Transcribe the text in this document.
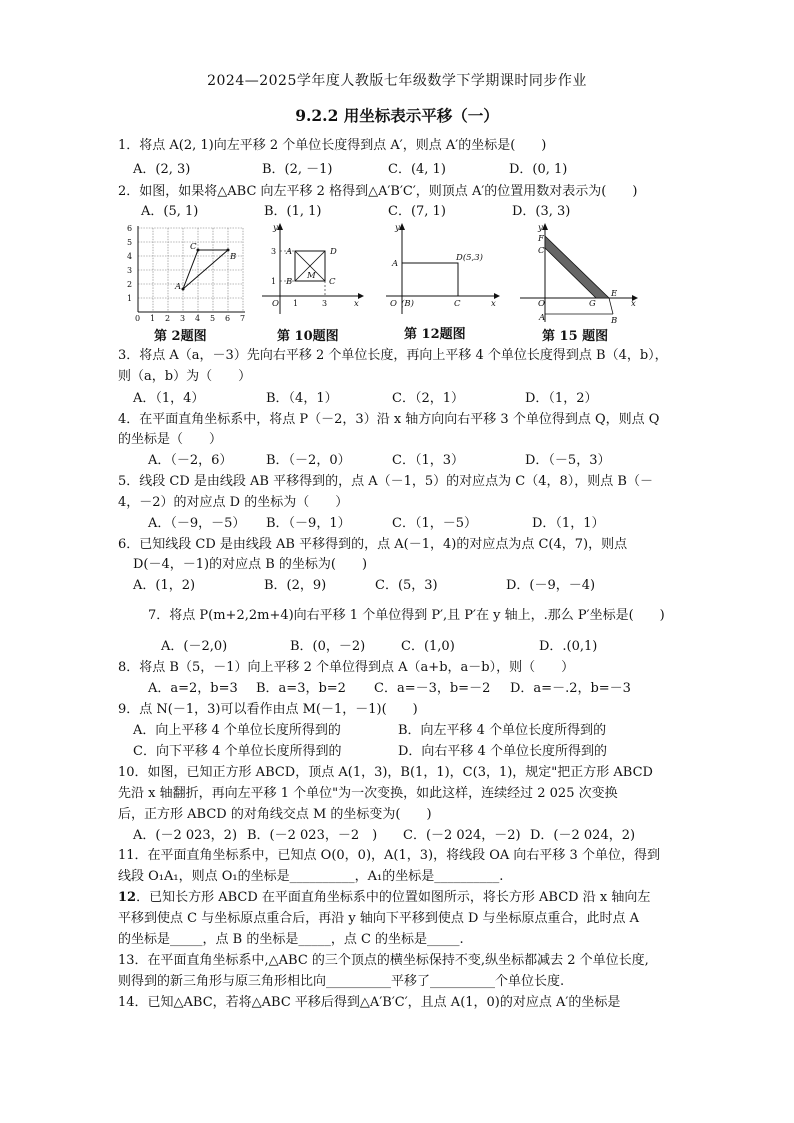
2024—2025学年度人教版七年级数学下学期课时同步作业
9.2.2 用坐标表示平移（一）
1．将点 A(2, 1)向左平移 2 个单位长度得到点 A′，则点 A′的坐标是(　　)
A．(2, 3)	B．(2, －1)	C．(4, 1)	D．(0, 1)
2．如图，如果将△ABC 向左平移 2 格得到△A′B′C′，则顶点 A′的位置用数对表示为(　　)
A．(5, 1)	B．(1, 1)	C．(7, 1)	D．(3, 3)
6
5
4
3
2
1
0 1 2 3 4 5 6 7
A
C
B
y
x
A
B	C
D
M
O 1	3
1
3
y
x
A
C
D(5,3)
O (B)
y
x
O
F
C
G
E
A	B
第 2题图	第 10题图	第 12题图	第 15 题图
3．将点 A（a，－3）先向右平移 2 个单位长度，再向上平移 4 个单位长度得到点 B（4，b），
则（a，b）为（　　）
A．（1，4）	B．（4，1）	C．（2，1）	D．（1，2）
4．在平面直角坐标系中，将点 P（－2，3）沿 x 轴方向向右平移 3 个单位得到点 Q，则点 Q
的坐标是（　　）
A．（－2，6）	B．（－2，0）	C．（1，3）	D．（－5，3）
5．线段 CD 是由线段 AB 平移得到的，点 A（－1，5）的对应点为 C（4，8），则点 B（－
4，－2）的对应点 D 的坐标为（　　）
A．（－9，－5） B．（－9，1）	C．（1，－5）	D．（1，1）
6．已知线段 CD 是由线段 AB 平移得到的，点 A(－1，4)的对应点为点 C(4，7)，则点
D(－4，－1)的对应点 B 的坐标为(　　)
A．(1，2)	B．(2，9)	C．(5，3)	D．(－9，－4)
7．将点 P(m+2,2m+4)向右平移 1 个单位得到 P′,且 P′在 y 轴上，.那么 P′坐标是(　　)
A．(－2,0)	B．(0，－2)	C．(1,0)	D．.(0,1)
8．将点 B（5，－1）向上平移 2 个单位得到点 A（a+b，a－b），则（　　）
A．a=2，b=3 B．a=3，b=2 C．a=－3，b=－2 D．a=－.2，b=－3
9．点 N(－1，3)可以看作由点 M(－1，－1)(　　)
A．向上平移 4 个单位长度所得到的	B．向左平移 4 个单位长度所得到的
C．向下平移 4 个单位长度所得到的	D．向右平移 4 个单位长度所得到的
10．如图，已知正方形 ABCD，顶点 A(1，3)，B(1，1)，C(3，1)，规定"把正方形 ABCD
先沿 x 轴翻折，再向左平移 1 个单位"为一次变换，如此这样，连续经过 2 025 次变换
后，正方形 ABCD 的对角线交点 M 的坐标变为(　　)
A．(－2 023，2) B．(－2 023，－2　) C．(－2 024，－2) D．(－2 024，2)
11．在平面直角坐标系中，已知点 O(0，0)，A(1，3)，将线段 OA 向右平移 3 个单位，得到
线段 O₁A₁，则点 O₁的坐标是__________，A₁的坐标是__________.
12．已知长方形 ABCD 在平面直角坐标系中的位置如图所示，将长方形 ABCD 沿 x 轴向左
平移到使点 C 与坐标原点重合后，再沿 y 轴向下平移到使点 D 与坐标原点重合，此时点 A
的坐标是_____，点 B 的坐标是_____，点 C 的坐标是_____.
13．在平面直角坐标系中,△ABC 的三个顶点的横坐标保持不变,纵坐标都减去 2 个单位长度,
则得到的新三角形与原三角形相比向__________平移了__________个单位长度.
14．已知△ABC，若将△ABC 平移后得到△A′B′C′，且点 A(1，0)的对应点 A′的坐标是
